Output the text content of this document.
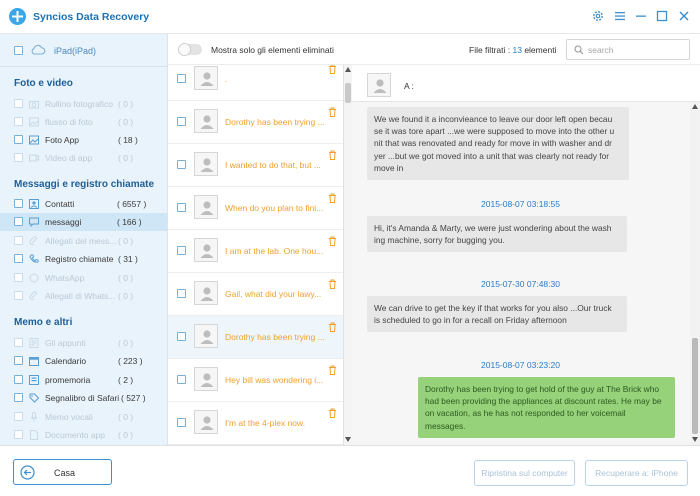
Syncios Data Recovery
iPad(iPad)
Foto e video
Rullino fotografico ( 0 )
flusso di foto	( 0 )
Foto App	( 18 )
Video di app	( 0 )
Messaggi e registro chiamate
Contatti	( 6557 )
messaggi	( 166 )
Allegati del mess... ( 0 )
Registro chiamate ( 31 )
WhatsApp	( 0 )
Allegati di Whats... ( 0 )
Memo e altri
Gli appunti	( 0 )
Calendario	( 223 )
promemoria	( 2 )
Segnalibro di Safari ( 527 )
Memo vocali	( 0 )
Documento app ( 0 )
Mostra solo gli elementi eliminati	File filtrati : 13 elementi
search
.
Dorothy has been trying ...
I wanted to do that, but ...
When do you plan to fini...
I am at the lab. One hou...
Gail, what did your lawy...
Dorothy has been trying ...
Hey bill was wondering i...
I'm at the 4-plex now.
A :
We we found it a inconvieance to leave our door left open becau
se it was tore apart ...we were supposed to move into the other u
nit that was renovated and ready for move in with washer and dr
yer ...but we got moved into a unit that was clearly not ready for
move in
2015-08-07 03:18:55
Hi, it's Amanda & Marty, we were just wondering about the wash
ing machine, sorry for bugging you.
2015-07-30 07:48:30
We can drive to get the key if that works for you also ...Our truck
is scheduled to go in for a recall on Friday afternoon
2015-08-07 03:23:20
Dorothy has been trying to get hold of the guy at The Brick who
had been providing the appliances at discount rates. He may be
on vacation, as he has not responded to her voicemail messages.
Casa	Ripristina sul computer	Recuperare a: iPhone
